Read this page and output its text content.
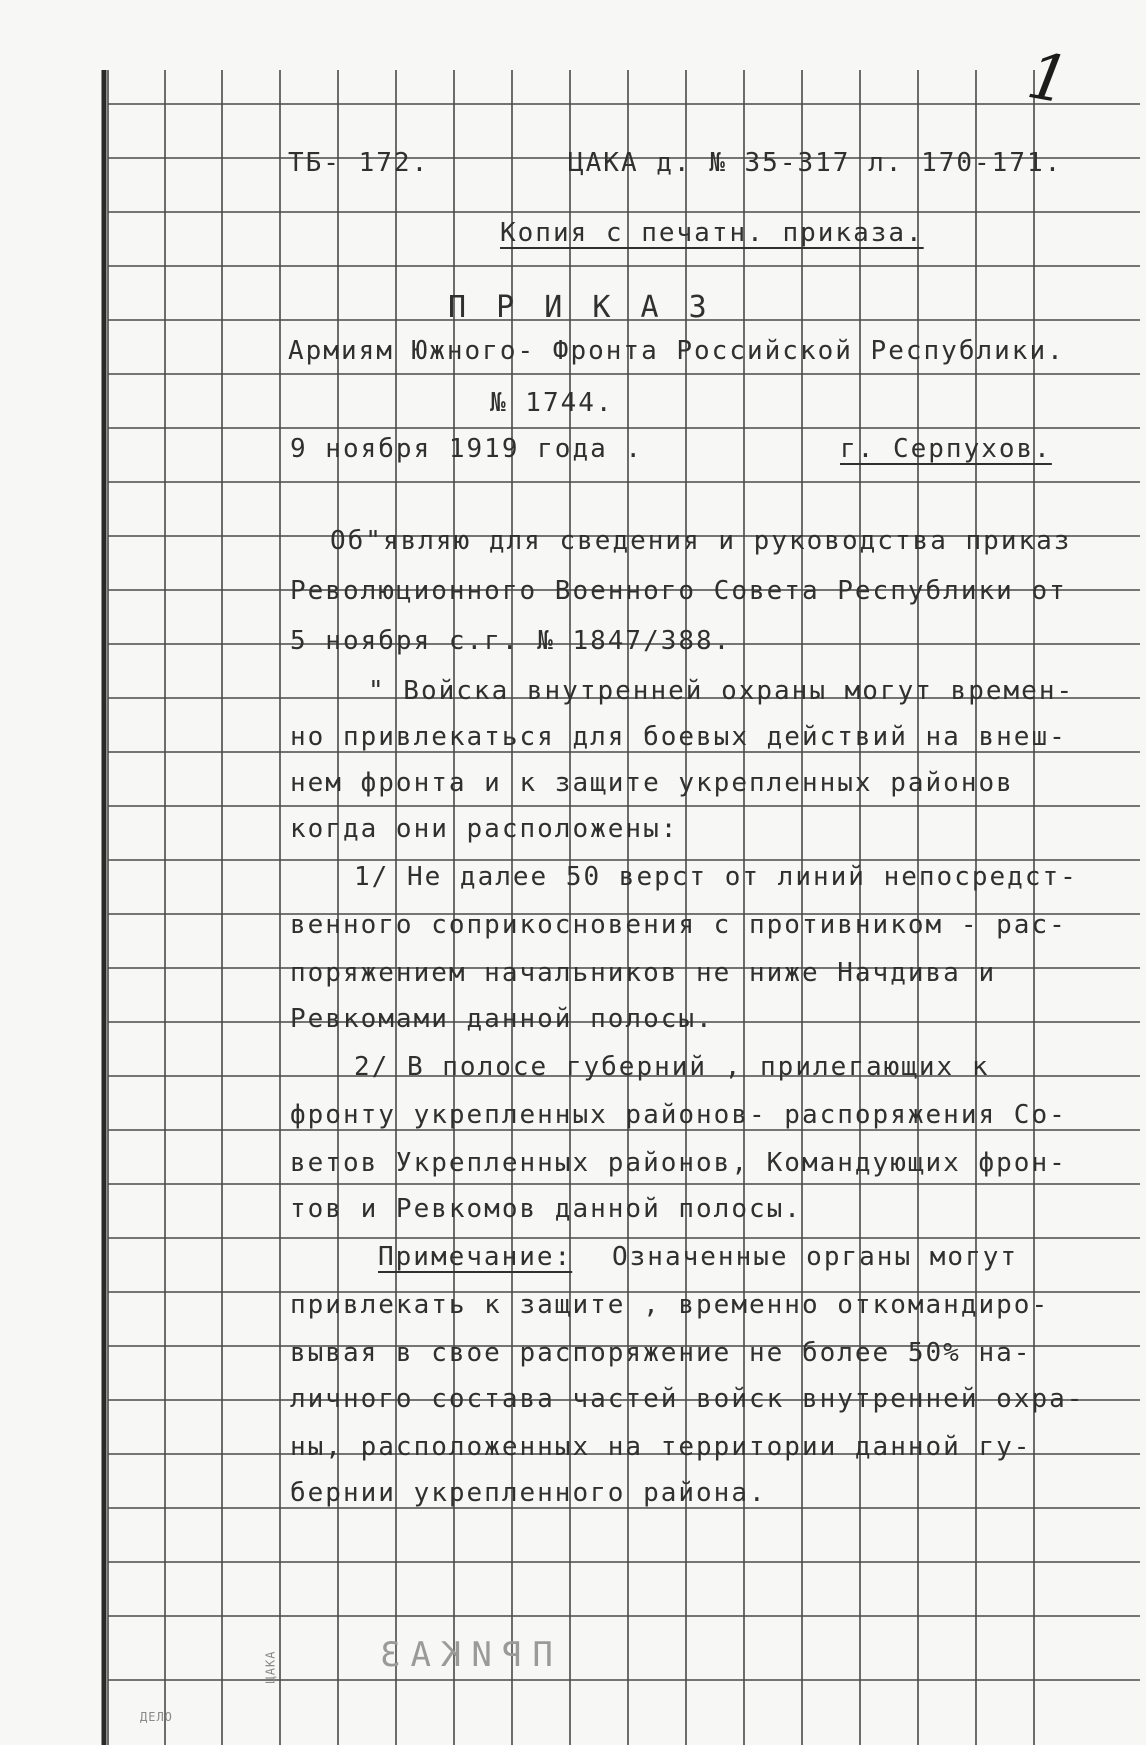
1
ТБ- 172.	ЦАКА д. № 35-317 л. 170-171.
Копия с печатн. приказа.
П Р И К А З
Армиям Южного- Фронта Российской Республики.
№ 1744.
9 ноября 1919 года .	г. Серпухов.
Об"являю для сведения и руководства приказ
Революционного Военного Совета Республики от
5 ноября с.г. № 1847/388.
" Войска внутренней охраны могут времен-
но привлекаться для боевых действий на внеш-
нем фронта и к защите укрепленных районов
когда они расположены:
1/ Не далее 50 верст от линий непосредст-
венного соприкосновения с противником - рас-
поряжением начальников не ниже Начдива и
Ревкомами данной полосы.
2/ В полосе губерний , прилегающих к
фронту укрепленных районов- распоряжения Со-
ветов Укрепленных районов, Командующих фрон-
тов и Ревкомов данной полосы.
Примечание: Означенные органы могут
привлекать к защите , временно откомандиро-
вывая в свое распоряжение не более 50% на-
личного состава частей войск внутренней охра-
ны, расположенных на территории данной гу-
бернии укрепленного района.
ПРИКАЗ
ДЕЛО
ЦАКА
